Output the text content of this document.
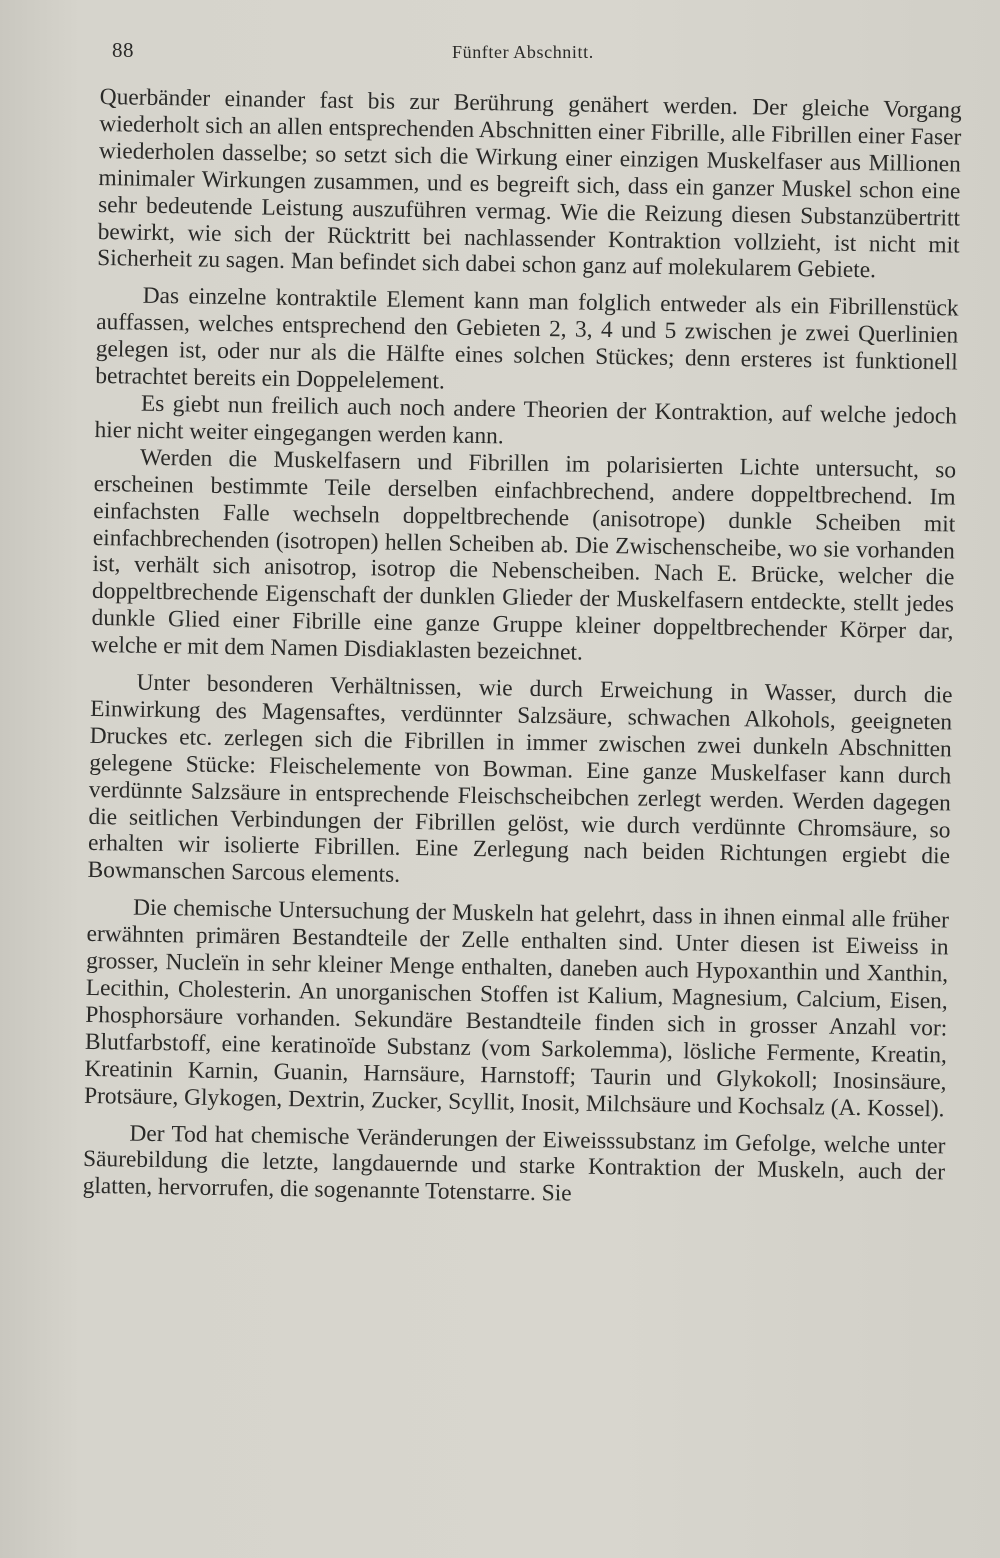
88	Fünfter Abschnitt.

Querbänder einander fast bis zur Berührung genähert werden. Der gleiche Vorgang wiederholt sich an allen entsprechenden Abschnitten einer Fibrille, alle Fibrillen einer Faser wiederholen dasselbe; so setzt sich die Wirkung einer einzigen Muskelfaser aus Millionen minimaler Wirkungen zusammen, und es begreift sich, dass ein ganzer Muskel schon eine sehr bedeutende Leistung auszuführen vermag. Wie die Reizung diesen Substanzübertritt bewirkt, wie sich der Rücktritt bei nachlassender Kontraktion vollzieht, ist nicht mit Sicherheit zu sagen. Man befindet sich dabei schon ganz auf molekularem Gebiete.

Das einzelne kontraktile Element kann man folglich entweder als ein Fibrillenstück auffassen, welches entsprechend den Gebieten 2, 3, 4 und 5 zwischen je zwei Querlinien gelegen ist, oder nur als die Hälfte eines solchen Stückes; denn ersteres ist funktionell betrachtet bereits ein Doppelelement.

Es giebt nun freilich auch noch andere Theorien der Kontraktion, auf welche jedoch hier nicht weiter eingegangen werden kann.

Werden die Muskelfasern und Fibrillen im polarisierten Lichte untersucht, so erscheinen bestimmte Teile derselben einfachbrechend, andere doppeltbrechend. Im einfachsten Falle wechseln doppeltbrechende (anisotrope) dunkle Scheiben mit einfachbrechenden (isotropen) hellen Scheiben ab. Die Zwischenscheibe, wo sie vorhanden ist, verhält sich anisotrop, isotrop die Nebenscheiben. Nach E. Brücke, welcher die doppeltbrechende Eigenschaft der dunklen Glieder der Muskelfasern entdeckte, stellt jedes dunkle Glied einer Fibrille eine ganze Gruppe kleiner doppeltbrechender Körper dar, welche er mit dem Namen Disdiaklasten bezeichnet.

Unter besonderen Verhältnissen, wie durch Erweichung in Wasser, durch die Einwirkung des Magensaftes, verdünnter Salzsäure, schwachen Alkohols, geeigneten Druckes etc. zerlegen sich die Fibrillen in immer zwischen zwei dunkeln Abschnitten gelegene Stücke: Fleischelemente von Bowman. Eine ganze Muskelfaser kann durch verdünnte Salzsäure in entsprechende Fleischscheibchen zerlegt werden. Werden dagegen die seitlichen Verbindungen der Fibrillen gelöst, wie durch verdünnte Chromsäure, so erhalten wir isolierte Fibrillen. Eine Zerlegung nach beiden Richtungen ergiebt die Bowmanschen Sarcous elements.

Die chemische Untersuchung der Muskeln hat gelehrt, dass in ihnen einmal alle früher erwähnten primären Bestandteile der Zelle enthalten sind. Unter diesen ist Eiweiss in grosser, Nucleïn in sehr kleiner Menge enthalten, daneben auch Hypoxanthin und Xanthin, Lecithin, Cholesterin. An unorganischen Stoffen ist Kalium, Magnesium, Calcium, Eisen, Phosphorsäure vorhanden. Sekundäre Bestandteile finden sich in grosser Anzahl vor: Blutfarbstoff, eine keratinoïde Substanz (vom Sarkolemma), lösliche Fermente, Kreatin, Kreatinin Karnin, Guanin, Harnsäure, Harnstoff; Taurin und Glykokoll; Inosinsäure, Protsäure, Glykogen, Dextrin, Zucker, Scyllit, Inosit, Milchsäure und Kochsalz (A. Kossel).

Der Tod hat chemische Veränderungen der Eiweisssubstanz im Gefolge, welche unter Säurebildung die letzte, langdauernde und starke Kontraktion der Muskeln, auch der glatten, hervorrufen, die sogenannte Totenstarre. Sie
